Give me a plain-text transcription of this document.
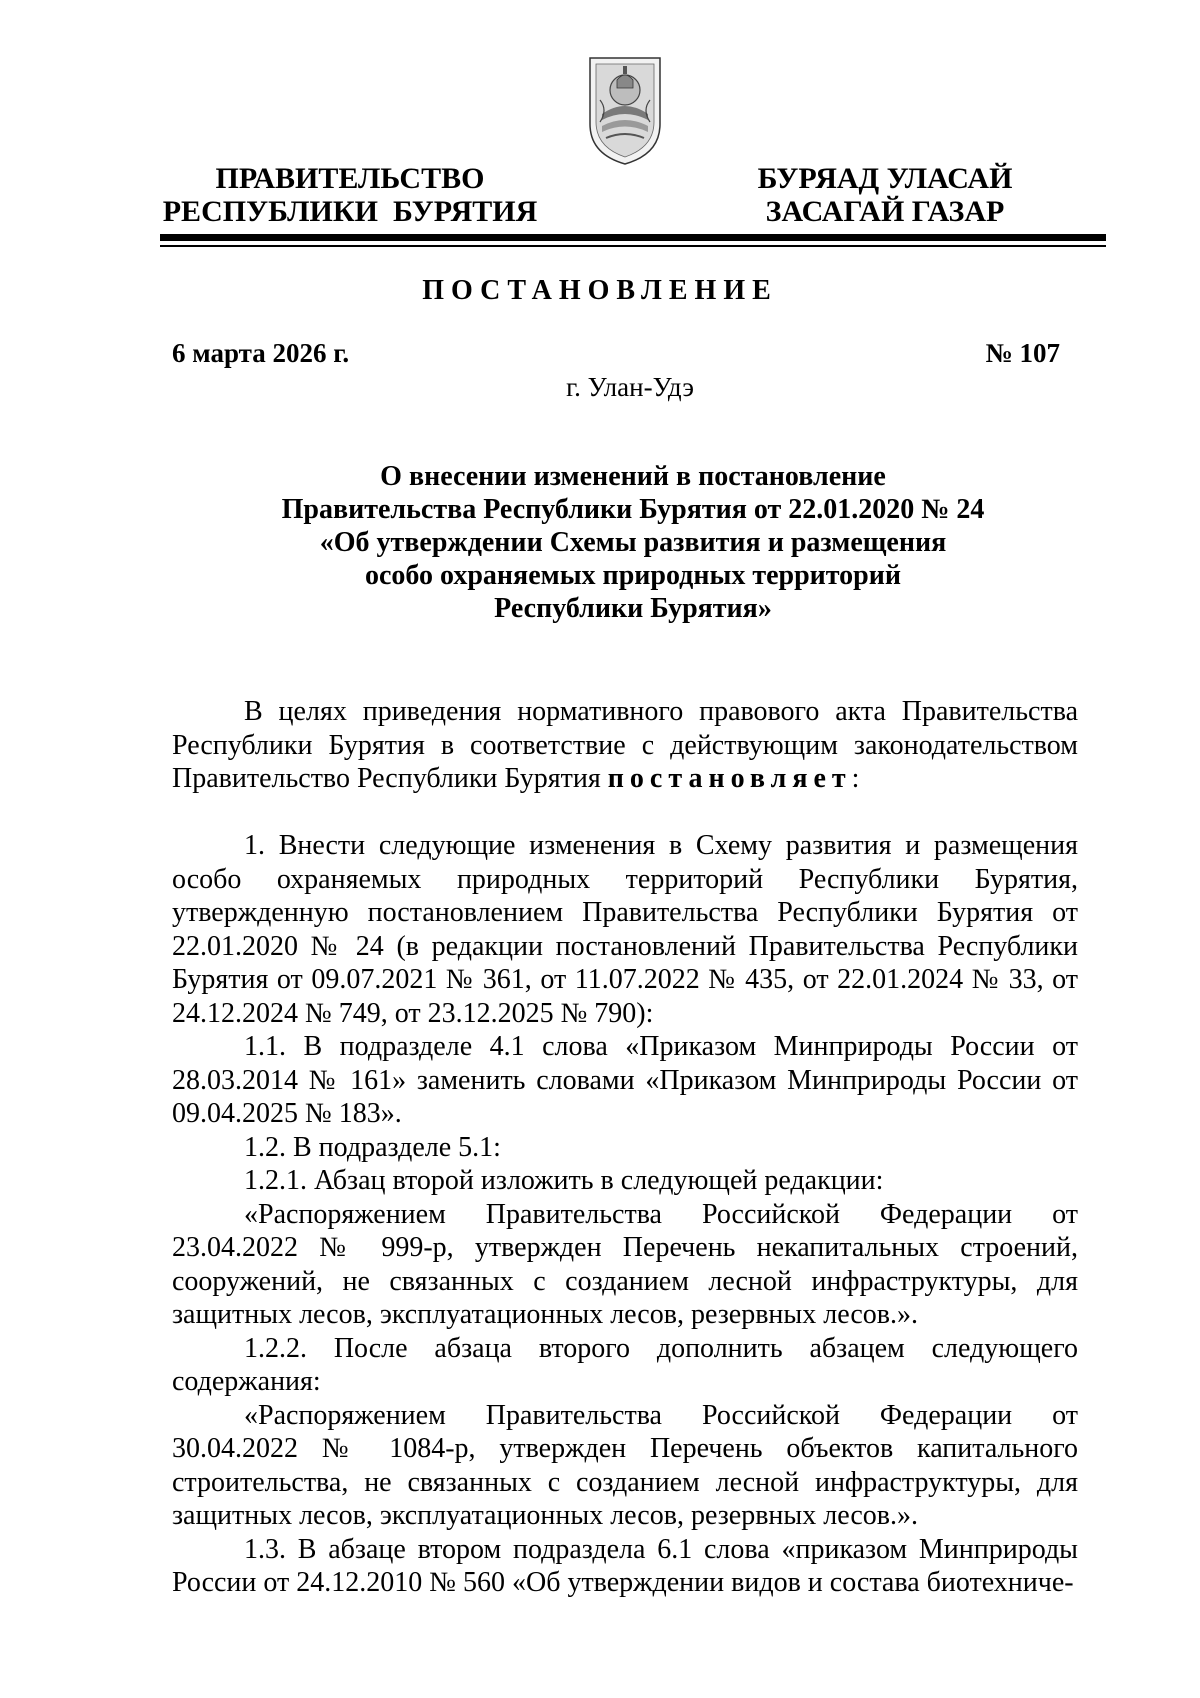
ПРАВИТЕЛЬСТВО
РЕСПУБЛИКИ  БУРЯТИЯ
БУРЯАД УЛАСАЙ
ЗАСАГАЙ ГАЗАР
ПОСТАНОВЛЕНИЕ
6 марта 2026 г.	№ 107
г. Улан-Удэ
О внесении изменений в постановление
Правительства Республики Бурятия от 22.01.2020 № 24
«Об утверждении Схемы развития и размещения
особо охраняемых природных территорий
Республики Бурятия»

В целях приведения нормативного правового акта Правительства Республики Бурятия в соответствие с действующим законодательством Правительство Республики Бурятия постановляет:

1. Внести следующие изменения в Схему развития и размещения особо охраняемых природных территорий Республики Бурятия, утвержденную постановлением Правительства Республики Бурятия от 22.01.2020 № 24 (в редакции постановлений Правительства Республики Бурятия от 09.07.2021 № 361, от 11.07.2022 № 435, от 22.01.2024 № 33, от 24.12.2024 № 749, от 23.12.2025 № 790):

1.1. В подразделе 4.1 слова «Приказом Минприроды России от 28.03.2014 № 161» заменить словами «Приказом Минприроды России от 09.04.2025 № 183».

1.2. В подразделе 5.1:

1.2.1. Абзац второй изложить в следующей редакции:

«Распоряжением Правительства Российской Федерации от 23.04.2022 № 999-р, утвержден Перечень некапитальных строений, сооружений, не связанных с созданием лесной инфраструктуры, для защитных лесов, эксплуатационных лесов, резервных лесов.».

1.2.2. После абзаца второго дополнить абзацем следующего содержания:

«Распоряжением Правительства Российской Федерации от 30.04.2022 № 1084-р, утвержден Перечень объектов капитального строительства, не связанных с созданием лесной инфраструктуры, для защитных лесов, эксплуатационных лесов, резервных лесов.».

1.3. В абзаце втором подраздела 6.1 слова «приказом Минприроды России от 24.12.2010 № 560 «Об утверждении видов и состава биотехниче-
